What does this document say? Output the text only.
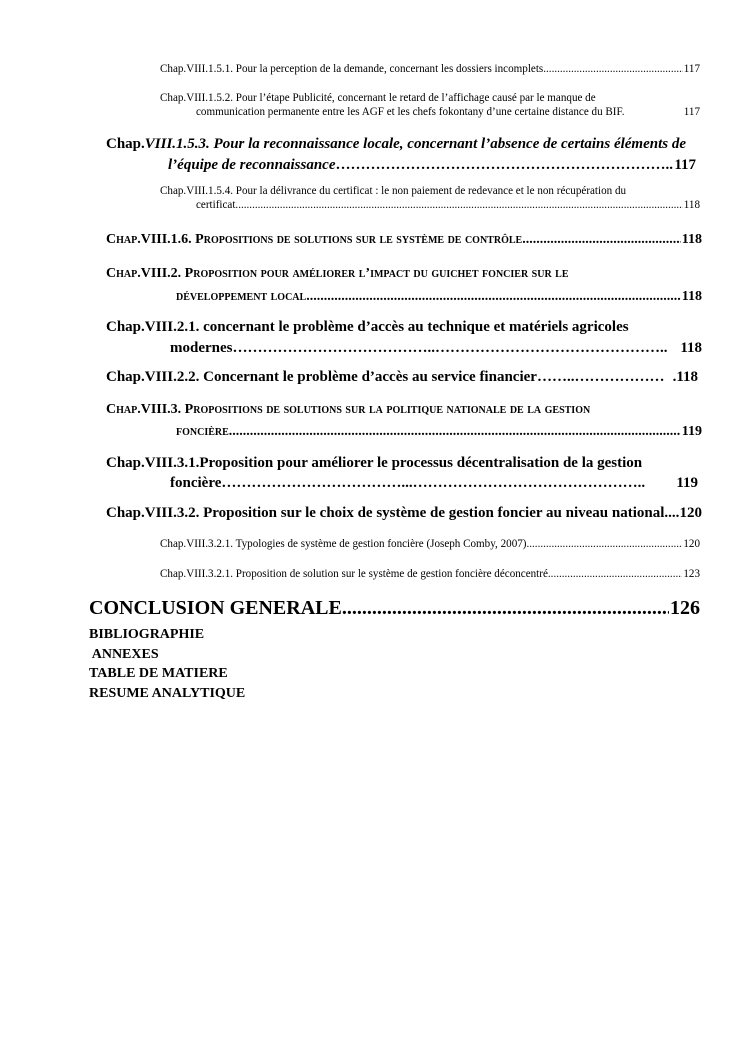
Chap.VIII.1.5.1. Pour la perception de la demande, concernant les dossiers incomplets .....	117
Chap.VIII.1.5.2. Pour l’étape Publicité, concernant le retard de l’affichage causé par le manque de
communication permanente entre les AGF et les chefs fokontany d’une certaine distance du BIF.	117
Chap.VIII.1.5.3. Pour la reconnaissance locale, concernant l’absence de certains éléments de
l’équipe de reconnaissance ………………………………………………………….. 117
Chap.VIII.1.5.4. Pour la délivrance du certificat : le non paiement de redevance et le non récupération du
certificat .....	118
Chap.VIII.1.6. Propositions de solutions sur le système de contrôle. .....	118
Chap.VIII.2. Proposition pour améliorer l’impact du guichet foncier sur le
développement local .....	118
Chap.VIII.2.1. concernant le problème d’accès au technique et matériels agricoles
modernes …………………………………..……………………………………….. 118
Chap.VIII.2.2. Concernant le problème d’accès au service financier ……..……………… .118
Chap.VIII.3. Propositions de solutions sur la politique nationale de la gestion
foncière .....	119
Chap.VIII.3.1.Proposition pour améliorer le processus décentralisation de la gestion
foncière ………………………………...……………………………………….. 119
Chap.VIII.3.2. Proposition sur le choix de système de gestion foncier au niveau national ..... 120
Chap.VIII.3.2.1. Typologies de système de gestion foncière (Joseph Comby, 2007) .....	120
Chap.VIII.3.2.1. Proposition de solution sur le système de gestion foncière déconcentré .....	123
CONCLUSION GENERALE .....	126
BIBLIOGRAPHIE
ANNEXES
TABLE DE MATIERE
RESUME ANALYTIQUE
